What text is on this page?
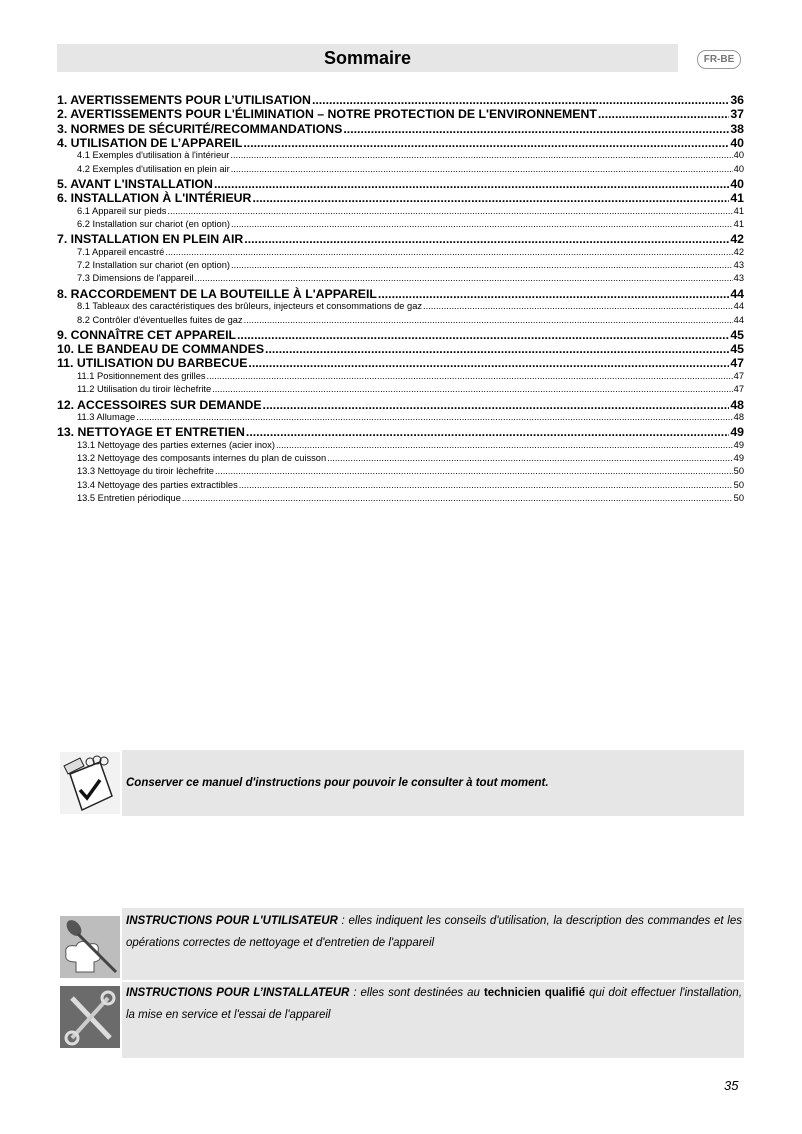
Sommaire	FR-BE
1. AVERTISSEMENTS POUR L’UTILISATION .....	36
2. AVERTISSEMENTS POUR L'ÉLIMINATION – NOTRE PROTECTION DE L'ENVIRONNEMENT .....	37
3. NORMES DE SÉCURITÉ/RECOMMANDATIONS .....	38
4. UTILISATION DE L’APPAREIL .....	40
4.1 Exemples d'utilisation à l'intérieur .....	40
4.2 Exemples d'utilisation en plein air .....	40
5. AVANT L'INSTALLATION .....	40
6. INSTALLATION À L'INTÉRIEUR .....	41
6.1 Appareil sur pieds .....	41
6.2 Installation sur chariot (en option) .....	41
7. INSTALLATION EN PLEIN AIR .....	42
7.1 Appareil encastré .....	42
7.2 Installation sur chariot (en option) .....	43
7.3 Dimensions de l'appareil .....	43
8. RACCORDEMENT DE LA BOUTEILLE À L'APPAREIL .....	44
8.1 Tableaux des caractéristiques des brûleurs, injecteurs et consommations de gaz .....	44
8.2 Contrôler d'éventuelles fuites de gaz .....	44
9. CONNAÎTRE CET APPAREIL .....	45
10. LE BANDEAU DE COMMANDES .....	45
11. UTILISATION DU BARBECUE .....	47
11.1 Positionnement des grilles .....	47
11.2 Utilisation du tiroir lèchefrite .....	47
12. ACCESSOIRES SUR DEMANDE .....	48
11.3 Allumage .....	48
13. NETTOYAGE ET ENTRETIEN .....	49
13.1 Nettoyage des parties externes (acier inox) .....	49
13.2 Nettoyage des composants internes du plan de cuisson .....	49
13.3 Nettoyage du tiroir lèchefrite .....	50
13.4 Nettoyage des parties extractibles .....	50
13.5 Entretien périodique .....	50
Conserver ce manuel d'instructions pour pouvoir le consulter à tout moment.
INSTRUCTIONS POUR L'UTILISATEUR : elles indiquent les conseils d'utilisation, la description des commandes et les opérations correctes de nettoyage et d'entretien de l'appareil
INSTRUCTIONS POUR L’INSTALLATEUR : elles sont destinées au technicien qualifié qui doit effectuer l'installation, la mise en service et l'essai de l'appareil
35
